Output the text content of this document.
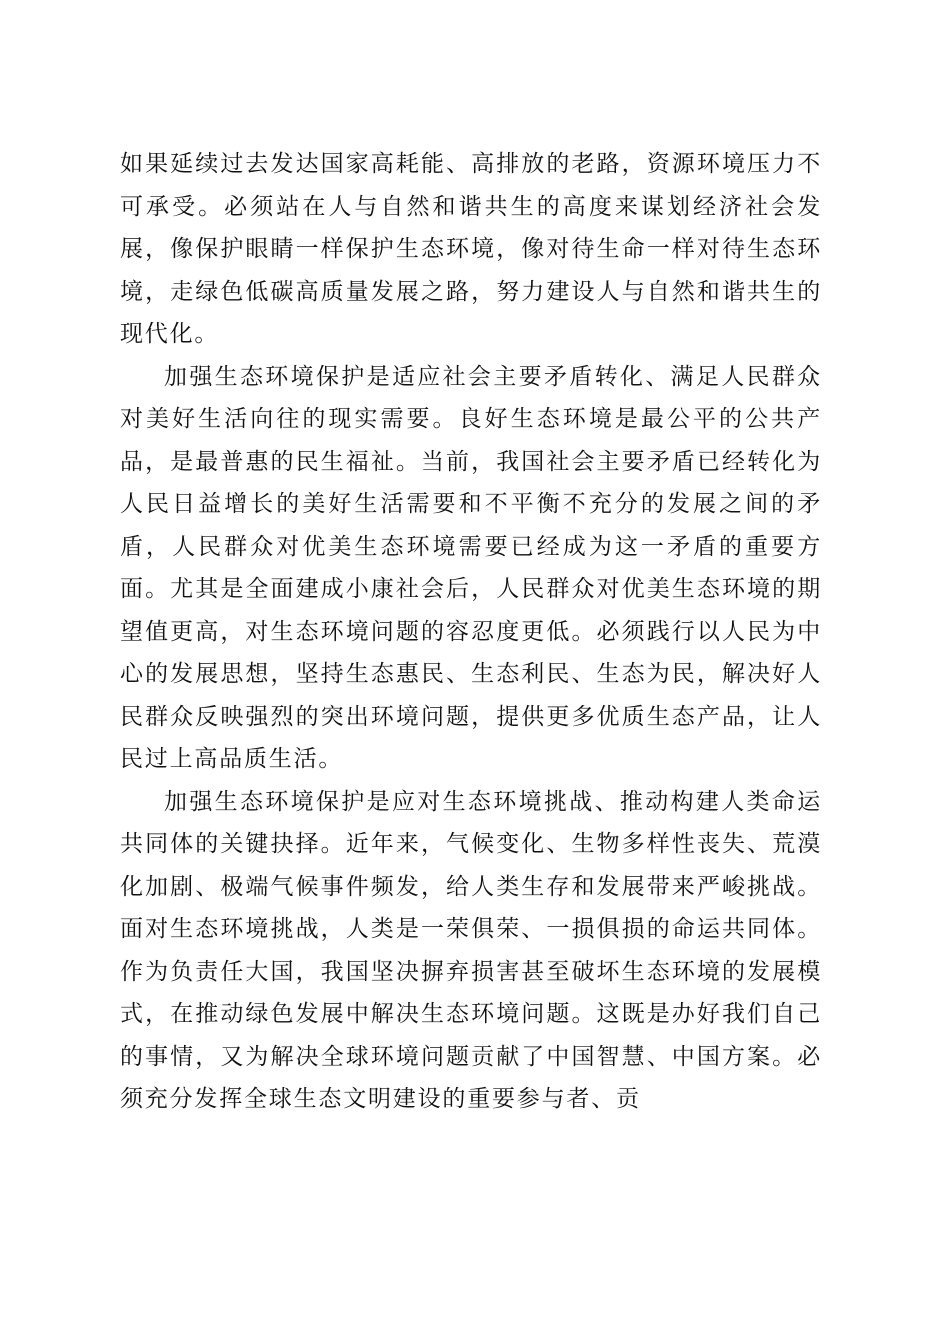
如果延续过去发达国家高耗能、高排放的老路，资源环境压力不可承受。必须站在人与自然和谐共生的高度来谋划经济社会发展，像保护眼睛一样保护生态环境，像对待生命一样对待生态环境，走绿色低碳高质量发展之路，努力建设人与自然和谐共生的现代化。

加强生态环境保护是适应社会主要矛盾转化、满足人民群众对美好生活向往的现实需要。良好生态环境是最公平的公共产品，是最普惠的民生福祉。当前，我国社会主要矛盾已经转化为人民日益增长的美好生活需要和不平衡不充分的发展之间的矛盾，人民群众对优美生态环境需要已经成为这一矛盾的重要方面。尤其是全面建成小康社会后，人民群众对优美生态环境的期望值更高，对生态环境问题的容忍度更低。必须践行以人民为中心的发展思想，坚持生态惠民、生态利民、生态为民，解决好人民群众反映强烈的突出环境问题，提供更多优质生态产品，让人民过上高品质生活。

加强生态环境保护是应对生态环境挑战、推动构建人类命运共同体的关键抉择。近年来，气候变化、生物多样性丧失、荒漠化加剧、极端气候事件频发，给人类生存和发展带来严峻挑战。面对生态环境挑战，人类是一荣俱荣、一损俱损的命运共同体。作为负责任大国，我国坚决摒弃损害甚至破坏生态环境的发展模式，在推动绿色发展中解决生态环境问题。这既是办好我们自己的事情，又为解决全球环境问题贡献了中国智慧、中国方案。必须充分发挥全球生态文明建设的重要参与者、贡
